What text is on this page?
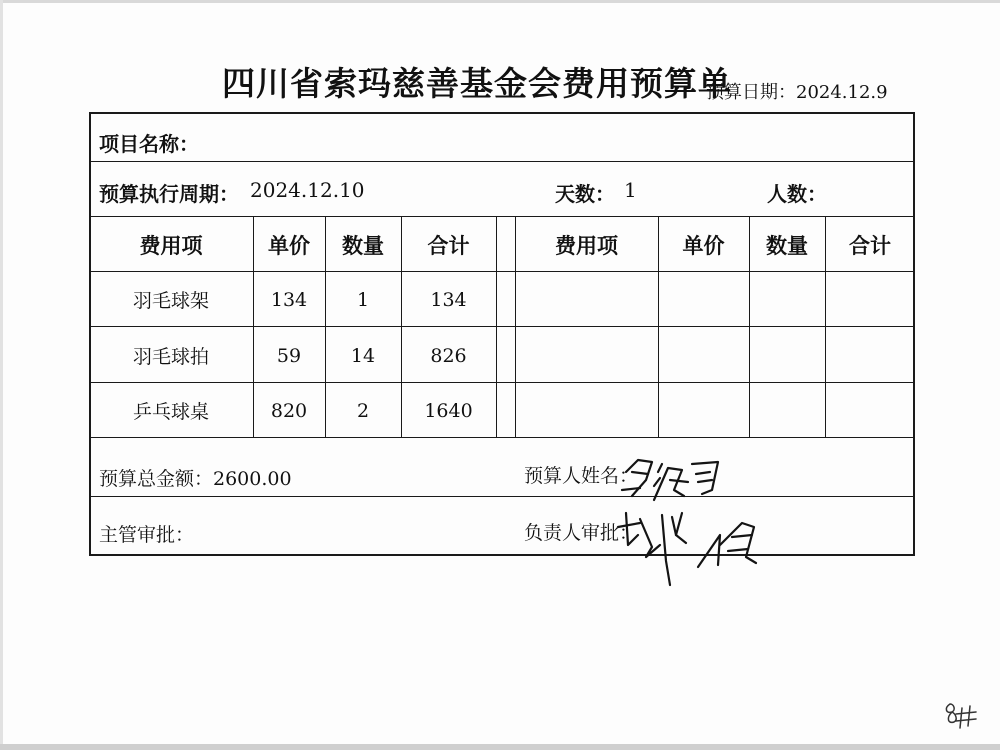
四川省索玛慈善基金会费用预算单
预算日期：2024.12.9
项目名称：
预算执行周期： 2024.12.10	天数： 1	人数：
费用项	单价	数量	合计	费用项	单价	数量	合计
羽毛球架	134	1	134
羽毛球拍	59	14	826
乒乓球桌	820	2	1640
预算总金额：2600.00	预算人姓名：
主管审批：	负责人审批：
